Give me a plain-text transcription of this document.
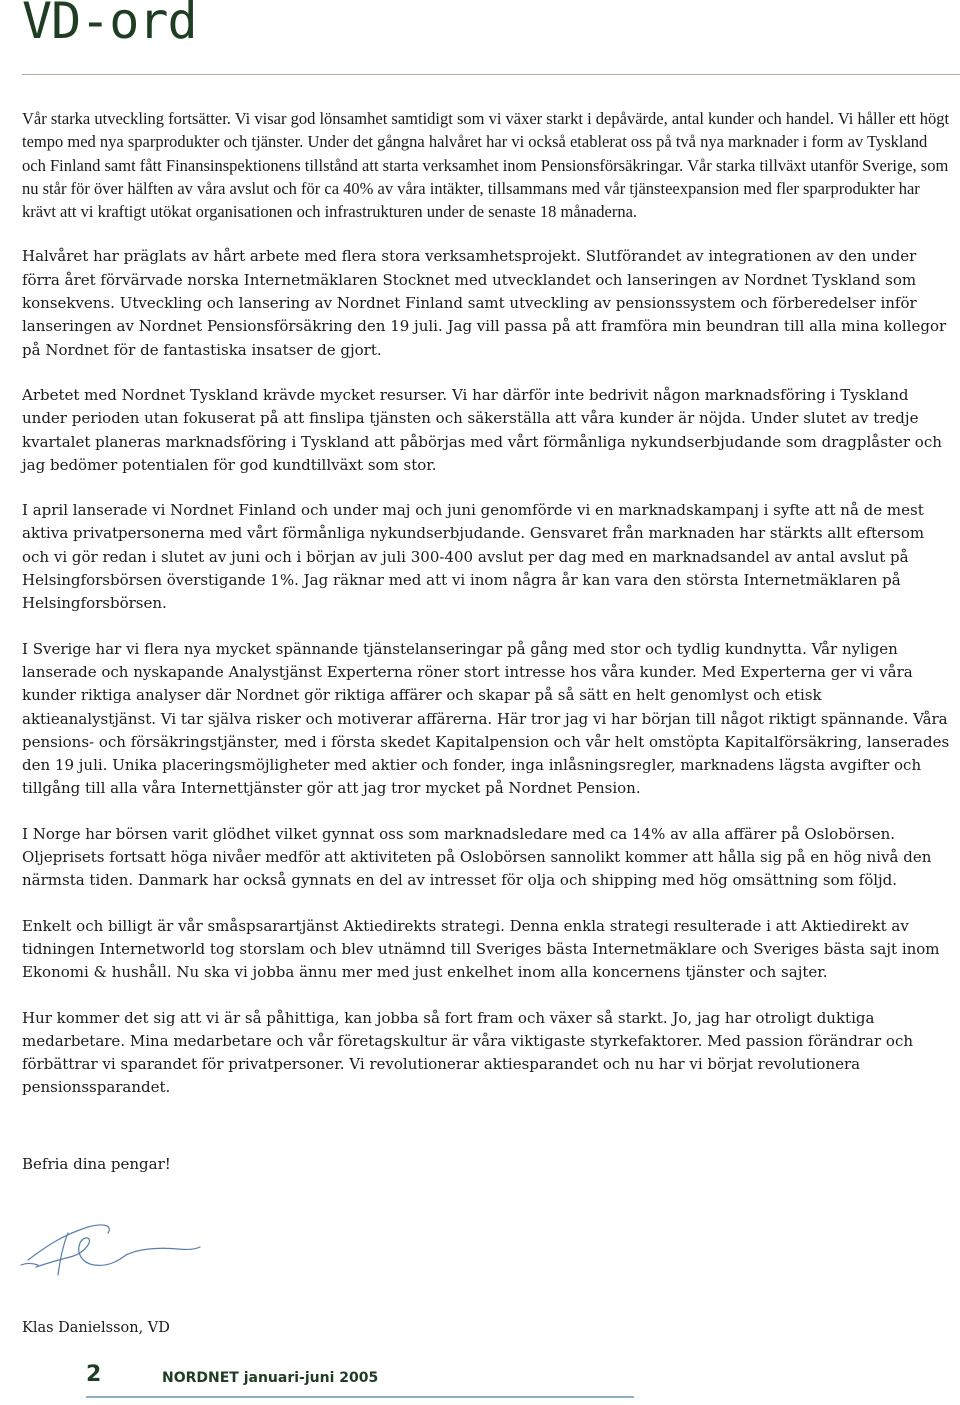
VD-ord

Vår starka utveckling fortsätter. Vi visar god lönsamhet samtidigt som vi växer starkt i depåvärde, antal kunder och handel. Vi håller ett högt tempo med nya sparprodukter och tjänster. Under det gångna halvåret har vi också etablerat oss på två nya marknader i form av Tyskland och Finland samt fått Finansinspektionens tillstånd att starta verksamhet inom Pensionsförsäkringar. Vår starka tillväxt utanför Sverige, som nu står för över hälften av våra avslut och för ca 40% av våra intäkter, tillsammans med vår tjänsteexpansion med fler sparprodukter har krävt att vi kraftigt utökat organisationen och infrastrukturen under de senaste 18 månaderna.

Halvåret har präglats av hårt arbete med flera stora verksamhetsprojekt. Slutförandet av integrationen av den under förra året förvärvade norska Internetmäklaren Stocknet med utvecklandet och lanseringen av Nordnet Tyskland som konsekvens. Utveckling och lansering av Nordnet Finland samt utveckling av pensionssystem och förberedelser inför lanseringen av Nordnet Pensionsförsäkring den 19 juli. Jag vill passa på att framföra min beundran till alla mina kollegor på Nordnet för de fantastiska insatser de gjort.

Arbetet med Nordnet Tyskland krävde mycket resurser. Vi har därför inte bedrivit någon marknadsföring i Tyskland under perioden utan fokuserat på att finslipa tjänsten och säkerställa att våra kunder är nöjda. Under slutet av tredje kvartalet planeras marknadsföring i Tyskland att påbörjas med vårt förmånliga nykundserbjudande som dragplåster och jag bedömer potentialen för god kundtillväxt som stor.

I april lanserade vi Nordnet Finland och under maj och juni genomförde vi en marknadskampanj i syfte att nå de mest aktiva privatpersonerna med vårt förmånliga nykundserbjudande. Gensvaret från marknaden har stärkts allt eftersom och vi gör redan i slutet av juni och i början av juli 300-400 avslut per dag med en marknadsandel av antal avslut på Helsingforsbörsen överstigande 1%. Jag räknar med att vi inom några år kan vara den största Internetmäklaren på Helsingforsbörsen.

I Sverige har vi flera nya mycket spännande tjänstelanseringar på gång med stor och tydlig kundnytta. Vår nyligen lanserade och nyskapande Analystjänst Experterna röner stort intresse hos våra kunder. Med Experterna ger vi våra kunder riktiga analyser där Nordnet gör riktiga affärer och skapar på så sätt en helt genomlyst och etisk aktieanalystjänst. Vi tar själva risker och motiverar affärerna. Här tror jag vi har början till något riktigt spännande. Våra pensions- och försäkringstjänster, med i första skedet Kapitalpension och vår helt omstöpta Kapitalförsäkring, lanserades den 19 juli. Unika placeringsmöjligheter med aktier och fonder, inga inlåsningsregler, marknadens lägsta avgifter och tillgång till alla våra Internettjänster gör att jag tror mycket på Nordnet Pension.

I Norge har börsen varit glödhet vilket gynnat oss som marknadsledare med ca 14% av alla affärer på Oslobörsen. Oljeprisets fortsatt höga nivåer medför att aktiviteten på Oslobörsen sannolikt kommer att hålla sig på en hög nivå den närmsta tiden. Danmark har också gynnats en del av intresset för olja och shipping med hög omsättning som följd.

Enkelt och billigt är vår småspsarartjänst Aktiedirekts strategi. Denna enkla strategi resulterade i att Aktiedirekt av tidningen Internetworld tog storslam och blev utnämnd till Sveriges bästa Internetmäklare och Sveriges bästa sajt inom Ekonomi & hushåll. Nu ska vi jobba ännu mer med just enkelhet inom alla koncernens tjänster och sajter.

Hur kommer det sig att vi är så påhittiga, kan jobba så fort fram och växer så starkt. Jo, jag har otroligt duktiga medarbetare. Mina medarbetare och vår företagskultur är våra viktigaste styrkefaktorer. Med passion förändrar och förbättrar vi sparandet för privatpersoner. Vi revolutionerar aktiesparandet och nu har vi börjat revolutionera pensionssparandet.

Befria dina pengar!

Klas Danielsson, VD

2	NORDNET januari-juni 2005
